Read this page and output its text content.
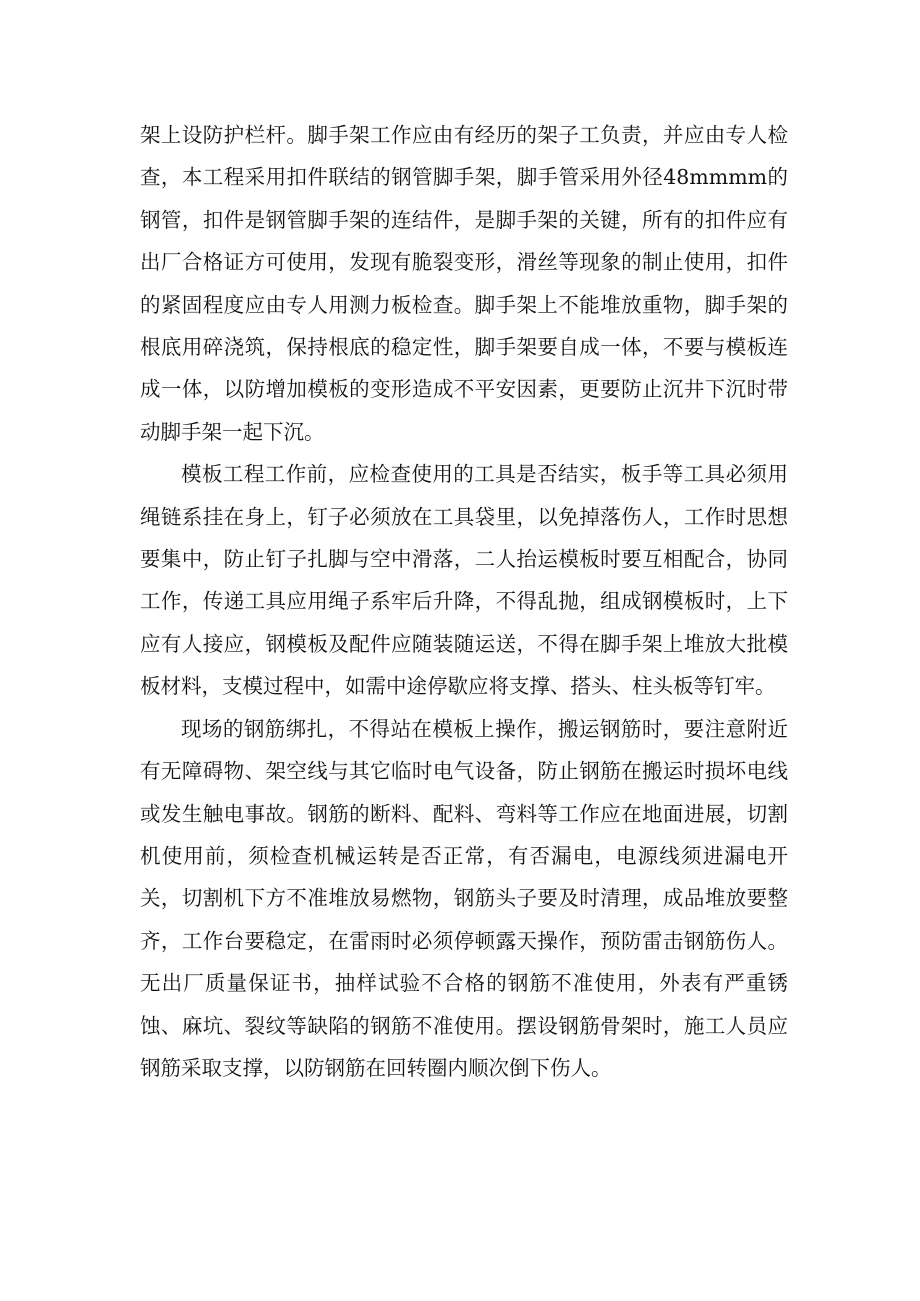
架上设防护栏杆。脚手架工作应由有经历的架子工负责，并应由专人检查，本工程采用扣件联结的钢管脚手架，脚手管采用外径48mmmm的钢管，扣件是钢管脚手架的连结件，是脚手架的关键，所有的扣件应有出厂合格证方可使用，发现有脆裂变形，滑丝等现象的制止使用，扣件的紧固程度应由专人用测力板检查。脚手架上不能堆放重物，脚手架的根底用碎浇筑，保持根底的稳定性，脚手架要自成一体，不要与模板连成一体，以防增加模板的变形造成不平安因素，更要防止沉井下沉时带动脚手架一起下沉。

模板工程工作前，应检查使用的工具是否结实，板手等工具必须用绳链系挂在身上，钉子必须放在工具袋里，以免掉落伤人，工作时思想要集中，防止钉子扎脚与空中滑落，二人抬运模板时要互相配合，协同工作，传递工具应用绳子系牢后升降，不得乱抛，组成钢模板时，上下应有人接应，钢模板及配件应随装随运送，不得在脚手架上堆放大批模板材料，支模过程中，如需中途停歇应将支撑、搭头、柱头板等钉牢。

现场的钢筋绑扎，不得站在模板上操作，搬运钢筋时，要注意附近有无障碍物、架空线与其它临时电气设备，防止钢筋在搬运时损坏电线或发生触电事故。钢筋的断料、配料、弯料等工作应在地面进展，切割机使用前，须检查机械运转是否正常，有否漏电，电源线须进漏电开关，切割机下方不准堆放易燃物，钢筋头子要及时清理，成品堆放要整齐，工作台要稳定，在雷雨时必须停顿露天操作，预防雷击钢筋伤人。无出厂质量保证书，抽样试验不合格的钢筋不准使用，外表有严重锈蚀、麻坑、裂纹等缺陷的钢筋不准使用。摆设钢筋骨架时，施工人员应钢筋采取支撑，以防钢筋在回转圈内顺次倒下伤人。
